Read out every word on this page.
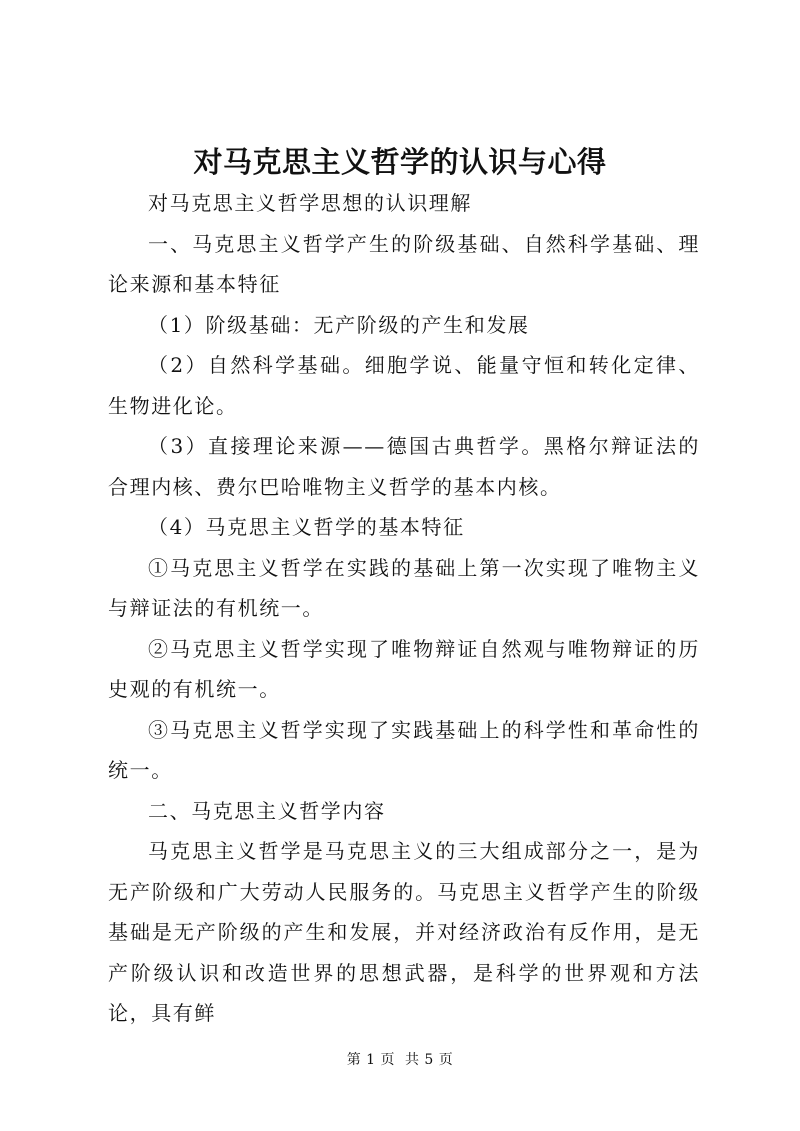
对马克思主义哲学的认识与心得

对马克思主义哲学思想的认识理解

一、马克思主义哲学产生的阶级基础、自然科学基础、理论来源和基本特征

（1）阶级基础：无产阶级的产生和发展

（2）自然科学基础。细胞学说、能量守恒和转化定律、生物进化论。

（3）直接理论来源——德国古典哲学。黑格尔辩证法的合理内核、费尔巴哈唯物主义哲学的基本内核。

（4）马克思主义哲学的基本特征

①马克思主义哲学在实践的基础上第一次实现了唯物主义与辩证法的有机统一。

②马克思主义哲学实现了唯物辩证自然观与唯物辩证的历史观的有机统一。

③马克思主义哲学实现了实践基础上的科学性和革命性的统一。

二、马克思主义哲学内容

马克思主义哲学是马克思主义的三大组成部分之一，是为无产阶级和广大劳动人民服务的。马克思主义哲学产生的阶级基础是无产阶级的产生和发展，并对经济政治有反作用，是无产阶级认识和改造世界的思想武器，是科学的世界观和方法论，具有鲜

第 1 页  共 5 页
